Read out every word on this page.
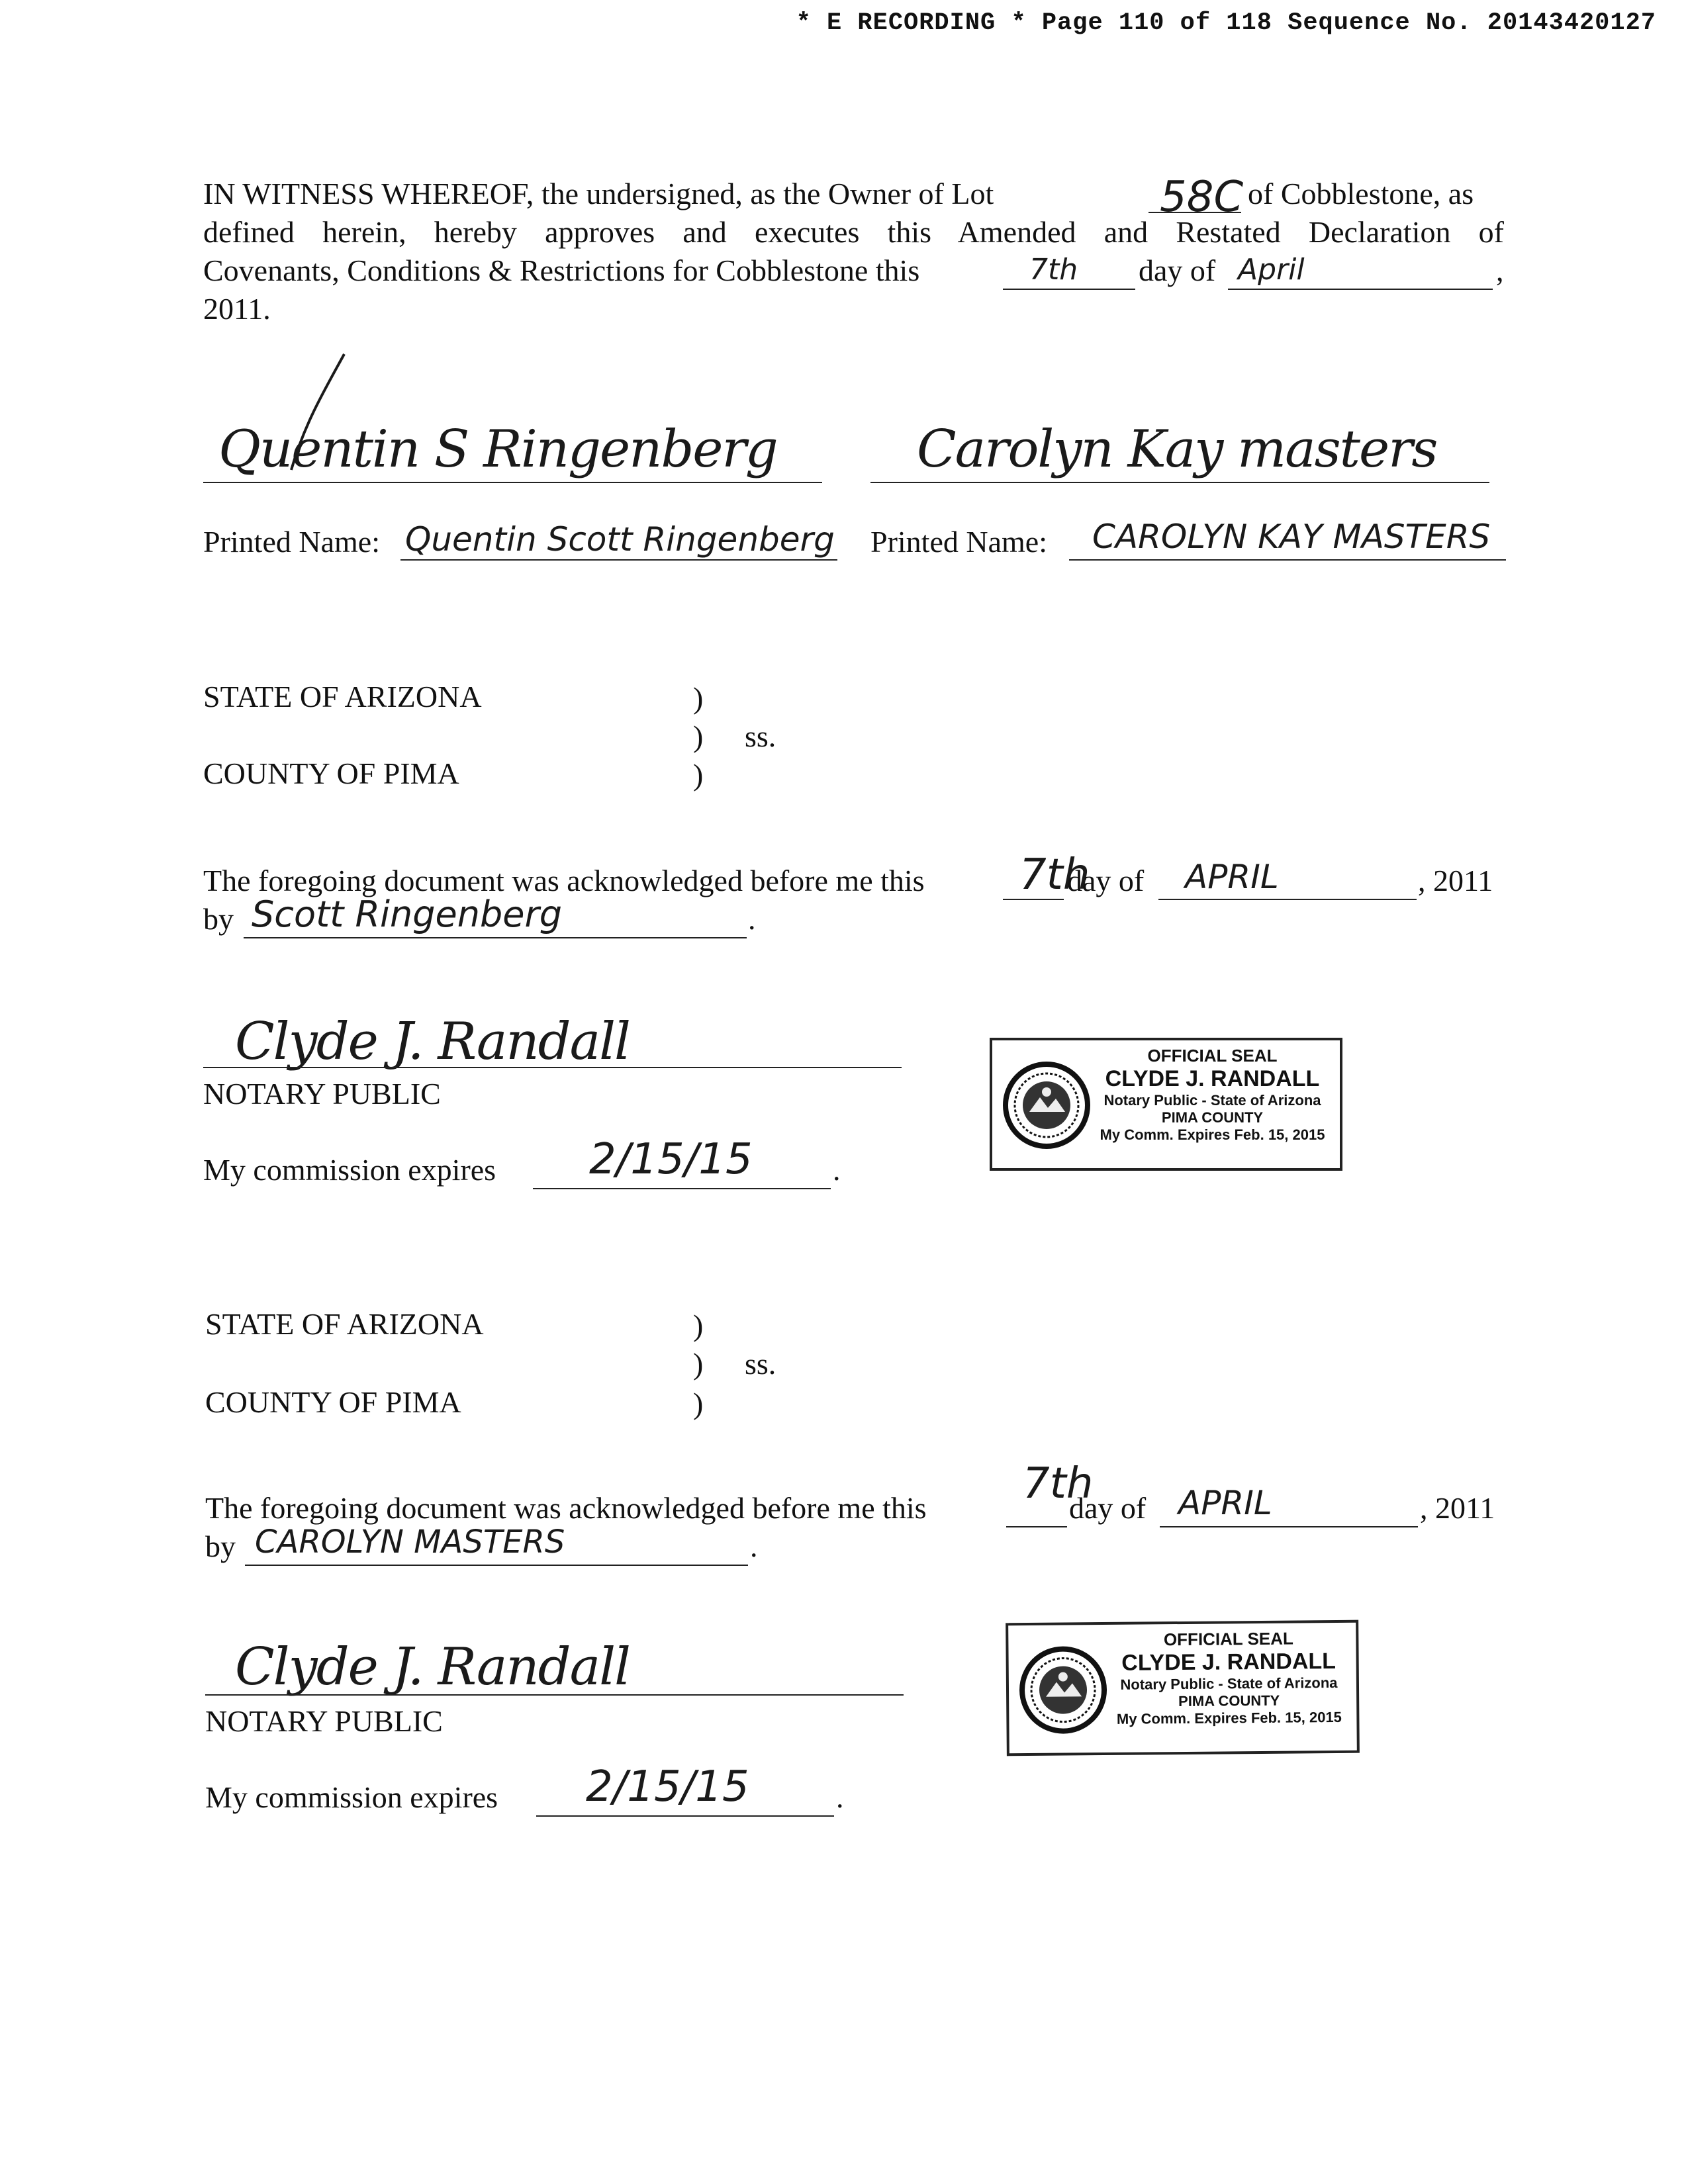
* E RECORDING * Page 110 of 118 Sequence No. 20143420127
IN WITNESS WHEREOF, the undersigned, as the Owner of Lot	58C of Cobblestone, as
defined herein, hereby approves and executes this Amended and Restated Declaration of
Covenants, Conditions & Restrictions for Cobblestone this	7th day of April	,
2011.
Quentin S Ringenberg	Carolyn Kay masters
Printed Name: Quentin Scott Ringenberg Printed Name: CAROLYN KAY MASTERS
STATE OF ARIZONA	)
) ss.
COUNTY OF PIMA	)
The foregoing document was acknowledged before me this 7th
day of APRIL	, 2011
by Scott Ringenberg	.
Clyde J. Randall
NOTARY PUBLIC
My commission expires 2/15/15	.
OFFICIAL SEAL
CLYDE J. RANDALL
Notary Public - State of Arizona
PIMA COUNTY
My Comm. Expires Feb. 15, 2015
STATE OF ARIZONA	)
) ss.
COUNTY OF PIMA	)
The foregoing document was acknowledged before me this 7th
day of APRIL	, 2011
by CAROLYN MASTERS	.
Clyde J. Randall
NOTARY PUBLIC
My commission expires 2/15/15	.
OFFICIAL SEAL
CLYDE J. RANDALL
Notary Public - State of Arizona
PIMA COUNTY
My Comm. Expires Feb. 15, 2015
